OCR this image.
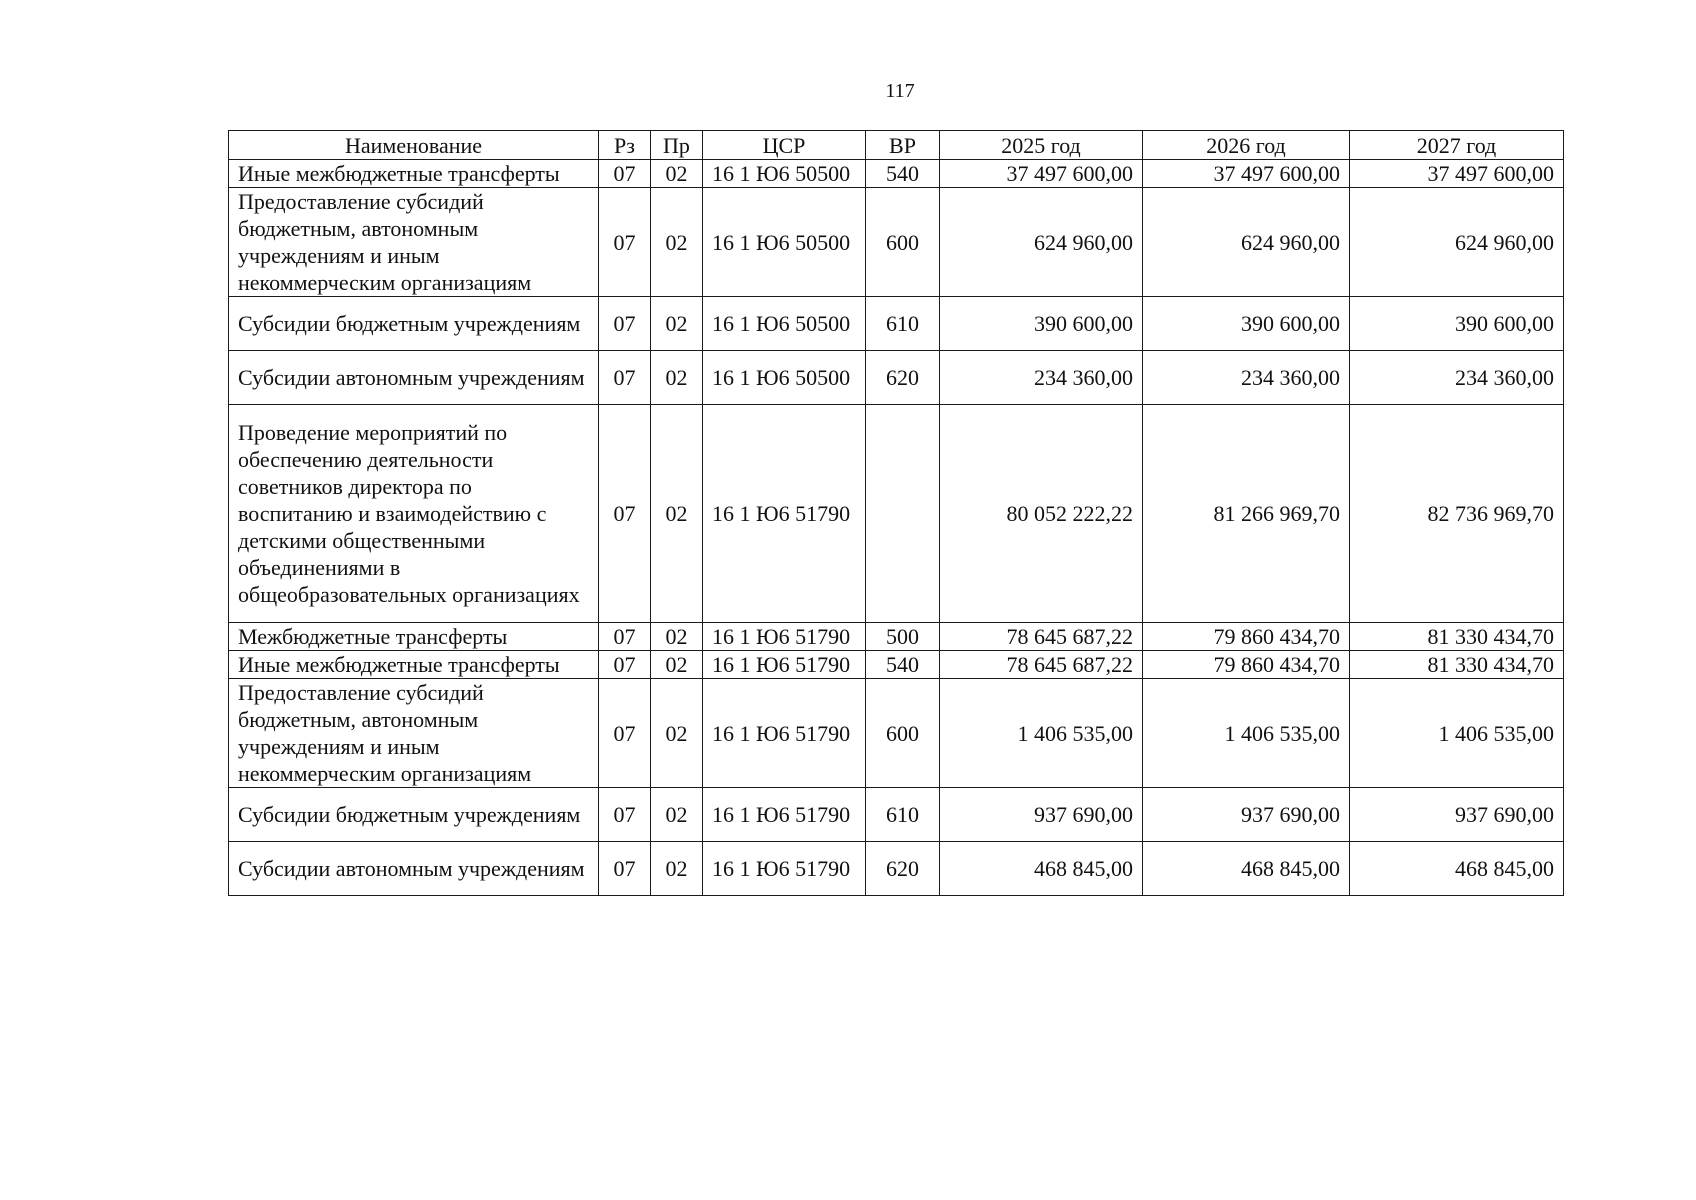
117
Наименование	Рз	Пр	ЦСР	ВР	2025 год	2026 год	2027 год
Иные межбюджетные трансферты	07	02	16 1 Ю6 50500	540	37 497 600,00	37 497 600,00	37 497 600,00
Предоставление субсидий бюджетным, автономным учреждениям и иным некоммерческим организациям	07	02	16 1 Ю6 50500	600	624 960,00	624 960,00	624 960,00
Субсидии бюджетным учреждениям	07	02	16 1 Ю6 50500	610	390 600,00	390 600,00	390 600,00
Субсидии автономным учреждениям	07	02	16 1 Ю6 50500	620	234 360,00	234 360,00	234 360,00
Проведение мероприятий по обеспечению деятельности советников директора по воспитанию и взаимодействию с детскими общественными объединениями в общеобразовательных организациях	07	02	16 1 Ю6 51790		80 052 222,22	81 266 969,70	82 736 969,70
Межбюджетные трансферты	07	02	16 1 Ю6 51790	500	78 645 687,22	79 860 434,70	81 330 434,70
Иные межбюджетные трансферты	07	02	16 1 Ю6 51790	540	78 645 687,22	79 860 434,70	81 330 434,70
Предоставление субсидий бюджетным, автономным учреждениям и иным некоммерческим организациям	07	02	16 1 Ю6 51790	600	1 406 535,00	1 406 535,00	1 406 535,00
Субсидии бюджетным учреждениям	07	02	16 1 Ю6 51790	610	937 690,00	937 690,00	937 690,00
Субсидии автономным учреждениям	07	02	16 1 Ю6 51790	620	468 845,00	468 845,00	468 845,00
